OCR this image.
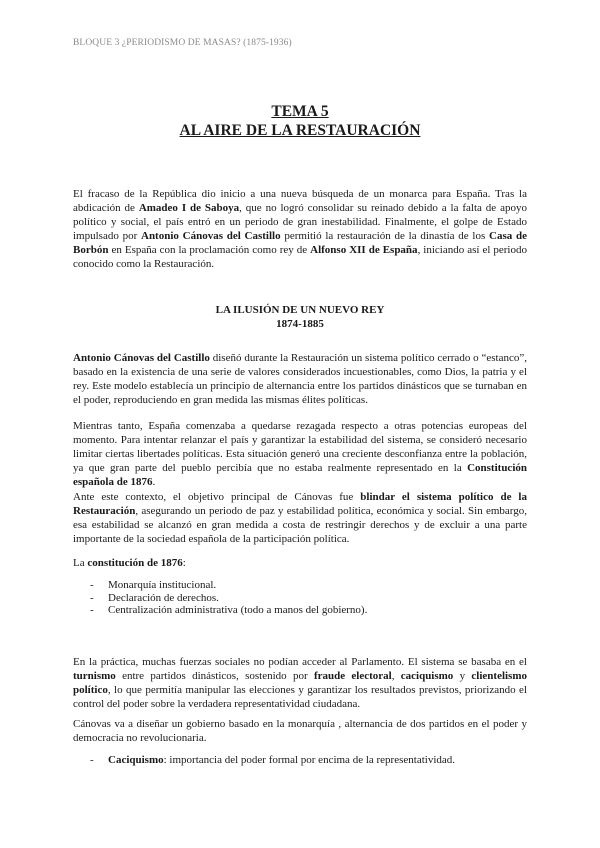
BLOQUE 3 ¿PERIODISMO DE MASAS? (1875-1936)
TEMA 5
AL AIRE DE LA RESTAURACIÓN
El fracaso de la República dio inicio a una nueva búsqueda de un monarca para España. Tras la abdicación de Amadeo I de Saboya, que no logró consolidar su reinado debido a la falta de apoyo político y social, el país entró en un periodo de gran inestabilidad. Finalmente, el golpe de Estado impulsado por Antonio Cánovas del Castillo permitió la restauración de la dinastía de los Casa de Borbón en España con la proclamación como rey de Alfonso XII de España, iniciando así el periodo conocido como la Restauración.
LA ILUSIÓN DE UN NUEVO REY
1874-1885
Antonio Cánovas del Castillo diseñó durante la Restauración un sistema político cerrado o “estanco”, basado en la existencia de una serie de valores considerados incuestionables, como Dios, la patria y el rey. Este modelo establecía un principio de alternancia entre los partidos dinásticos que se turnaban en el poder, reproduciendo en gran medida las mismas élites políticas.
Mientras tanto, España comenzaba a quedarse rezagada respecto a otras potencias europeas del momento. Para intentar relanzar el país y garantizar la estabilidad del sistema, se consideró necesario limitar ciertas libertades políticas. Esta situación generó una creciente desconfianza entre la población, ya que gran parte del pueblo percibía que no estaba realmente representado en la Constitución española de 1876.
Ante este contexto, el objetivo principal de Cánovas fue blindar el sistema político de la Restauración, asegurando un periodo de paz y estabilidad política, económica y social. Sin embargo, esa estabilidad se alcanzó en gran medida a costa de restringir derechos y de excluir a una parte importante de la sociedad española de la participación política.
La constitución de 1876:
-	Monarquía institucional.
-	Declaración de derechos.
-	Centralización administrativa (todo a manos del gobierno).
En la práctica, muchas fuerzas sociales no podían acceder al Parlamento. El sistema se basaba en el turnismo entre partidos dinásticos, sostenido por fraude electoral, caciquismo y clientelismo político, lo que permitía manipular las elecciones y garantizar los resultados previstos, priorizando el control del poder sobre la verdadera representatividad ciudadana.
Cánovas va a diseñar un gobierno basado en la monarquía , alternancia de dos partidos en el poder y democracia no revolucionaria.
-	Caciquismo: importancia del poder formal por encima de la representatividad.
